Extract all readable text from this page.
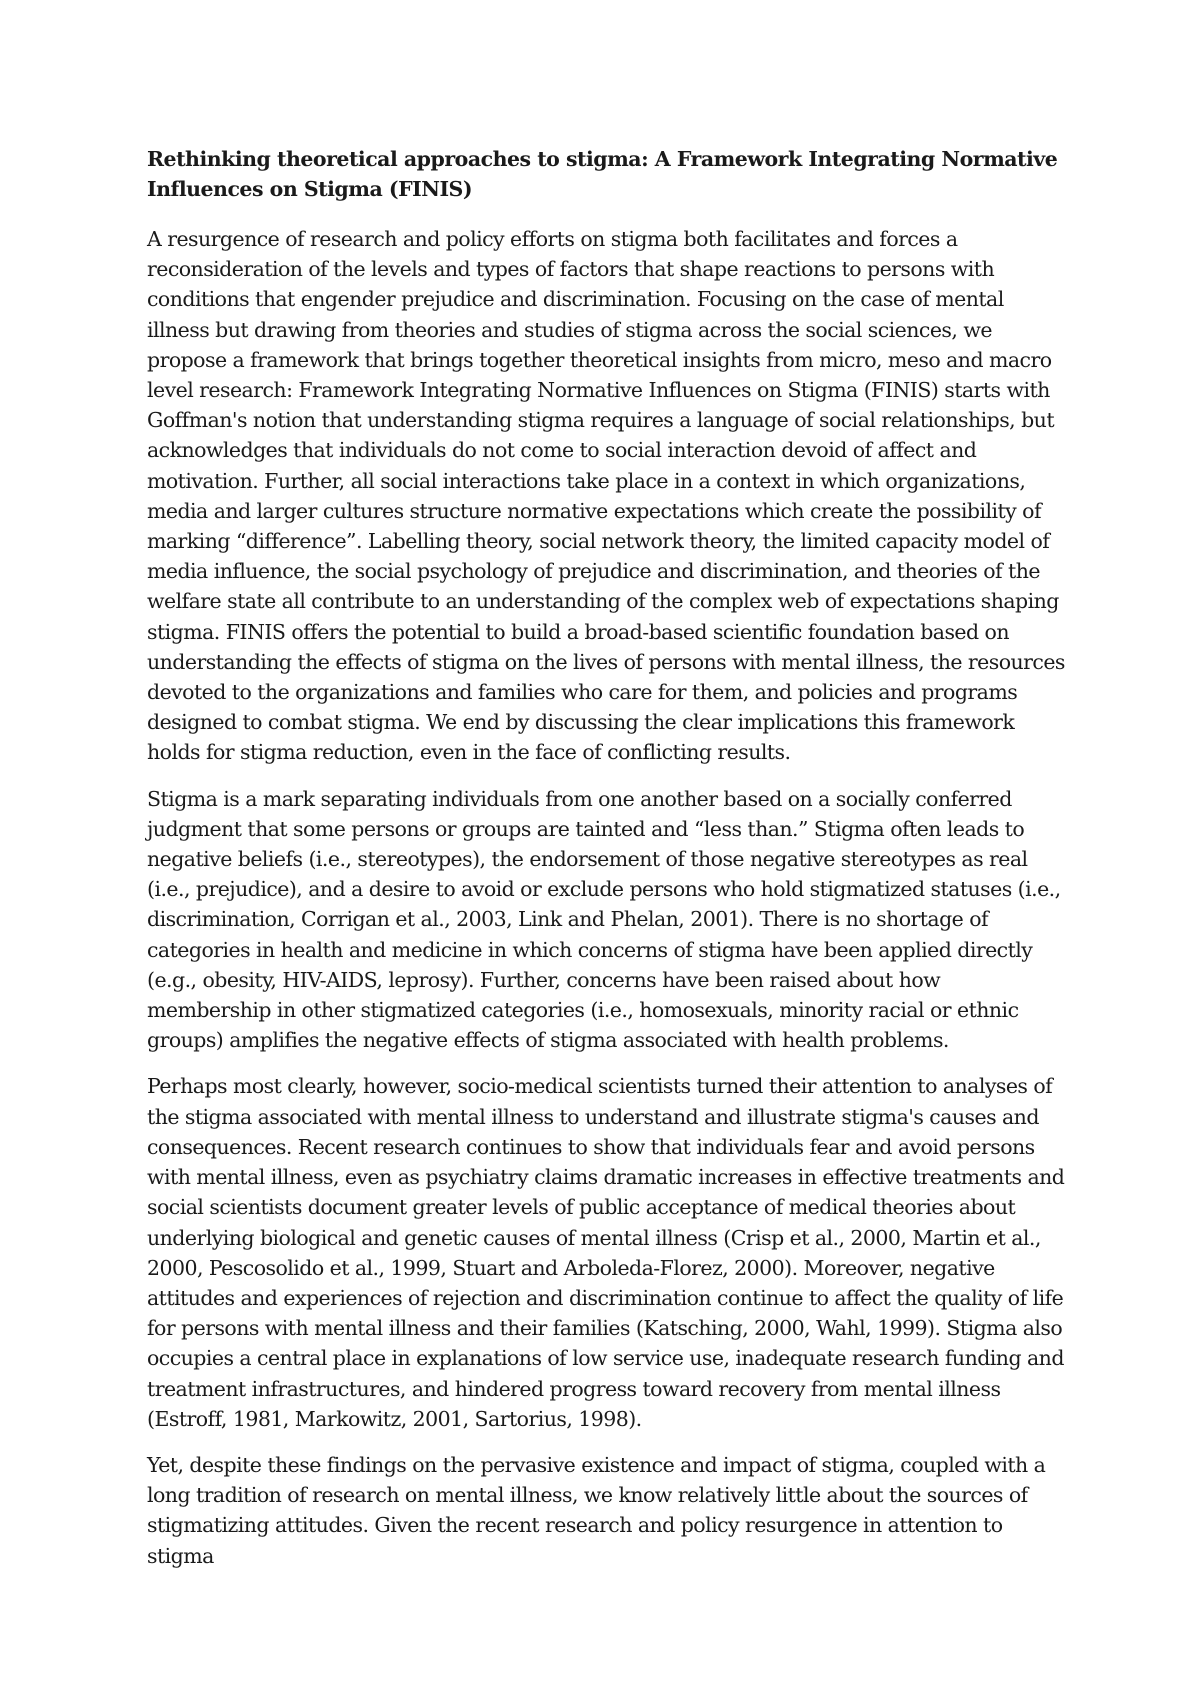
Rethinking theoretical approaches to stigma: A Framework Integrating Normative Influences on Stigma (FINIS)

A resurgence of research and policy efforts on stigma both facilitates and forces a reconsideration of the levels and types of factors that shape reactions to persons with conditions that engender prejudice and discrimination. Focusing on the case of mental illness but drawing from theories and studies of stigma across the social sciences, we propose a framework that brings together theoretical insights from micro, meso and macro level research: Framework Integrating Normative Influences on Stigma (FINIS) starts with Goffman's notion that understanding stigma requires a language of social relationships, but acknowledges that individuals do not come to social interaction devoid of affect and motivation. Further, all social interactions take place in a context in which organizations, media and larger cultures structure normative expectations which create the possibility of marking “difference”. Labelling theory, social network theory, the limited capacity model of media influence, the social psychology of prejudice and discrimination, and theories of the welfare state all contribute to an understanding of the complex web of expectations shaping stigma. FINIS offers the potential to build a broad-based scientific foundation based on understanding the effects of stigma on the lives of persons with mental illness, the resources devoted to the organizations and families who care for them, and policies and programs designed to combat stigma. We end by discussing the clear implications this framework holds for stigma reduction, even in the face of conflicting results.

Stigma is a mark separating individuals from one another based on a socially conferred judgment that some persons or groups are tainted and “less than.” Stigma often leads to negative beliefs (i.e., stereotypes), the endorsement of those negative stereotypes as real (i.e., prejudice), and a desire to avoid or exclude persons who hold stigmatized statuses (i.e., discrimination, Corrigan et al., 2003, Link and Phelan, 2001). There is no shortage of categories in health and medicine in which concerns of stigma have been applied directly (e.g., obesity, HIV-AIDS, leprosy). Further, concerns have been raised about how membership in other stigmatized categories (i.e., homosexuals, minority racial or ethnic groups) amplifies the negative effects of stigma associated with health problems.

Perhaps most clearly, however, socio-medical scientists turned their attention to analyses of the stigma associated with mental illness to understand and illustrate stigma's causes and consequences. Recent research continues to show that individuals fear and avoid persons with mental illness, even as psychiatry claims dramatic increases in effective treatments and social scientists document greater levels of public acceptance of medical theories about underlying biological and genetic causes of mental illness (Crisp et al., 2000, Martin et al., 2000, Pescosolido et al., 1999, Stuart and Arboleda-Florez, 2000). Moreover, negative attitudes and experiences of rejection and discrimination continue to affect the quality of life for persons with mental illness and their families (Katsching, 2000, Wahl, 1999). Stigma also occupies a central place in explanations of low service use, inadequate research funding and treatment infrastructures, and hindered progress toward recovery from mental illness (Estroff, 1981, Markowitz, 2001, Sartorius, 1998).

Yet, despite these findings on the pervasive existence and impact of stigma, coupled with a long tradition of research on mental illness, we know relatively little about the sources of stigmatizing attitudes. Given the recent research and policy resurgence in attention to stigma
